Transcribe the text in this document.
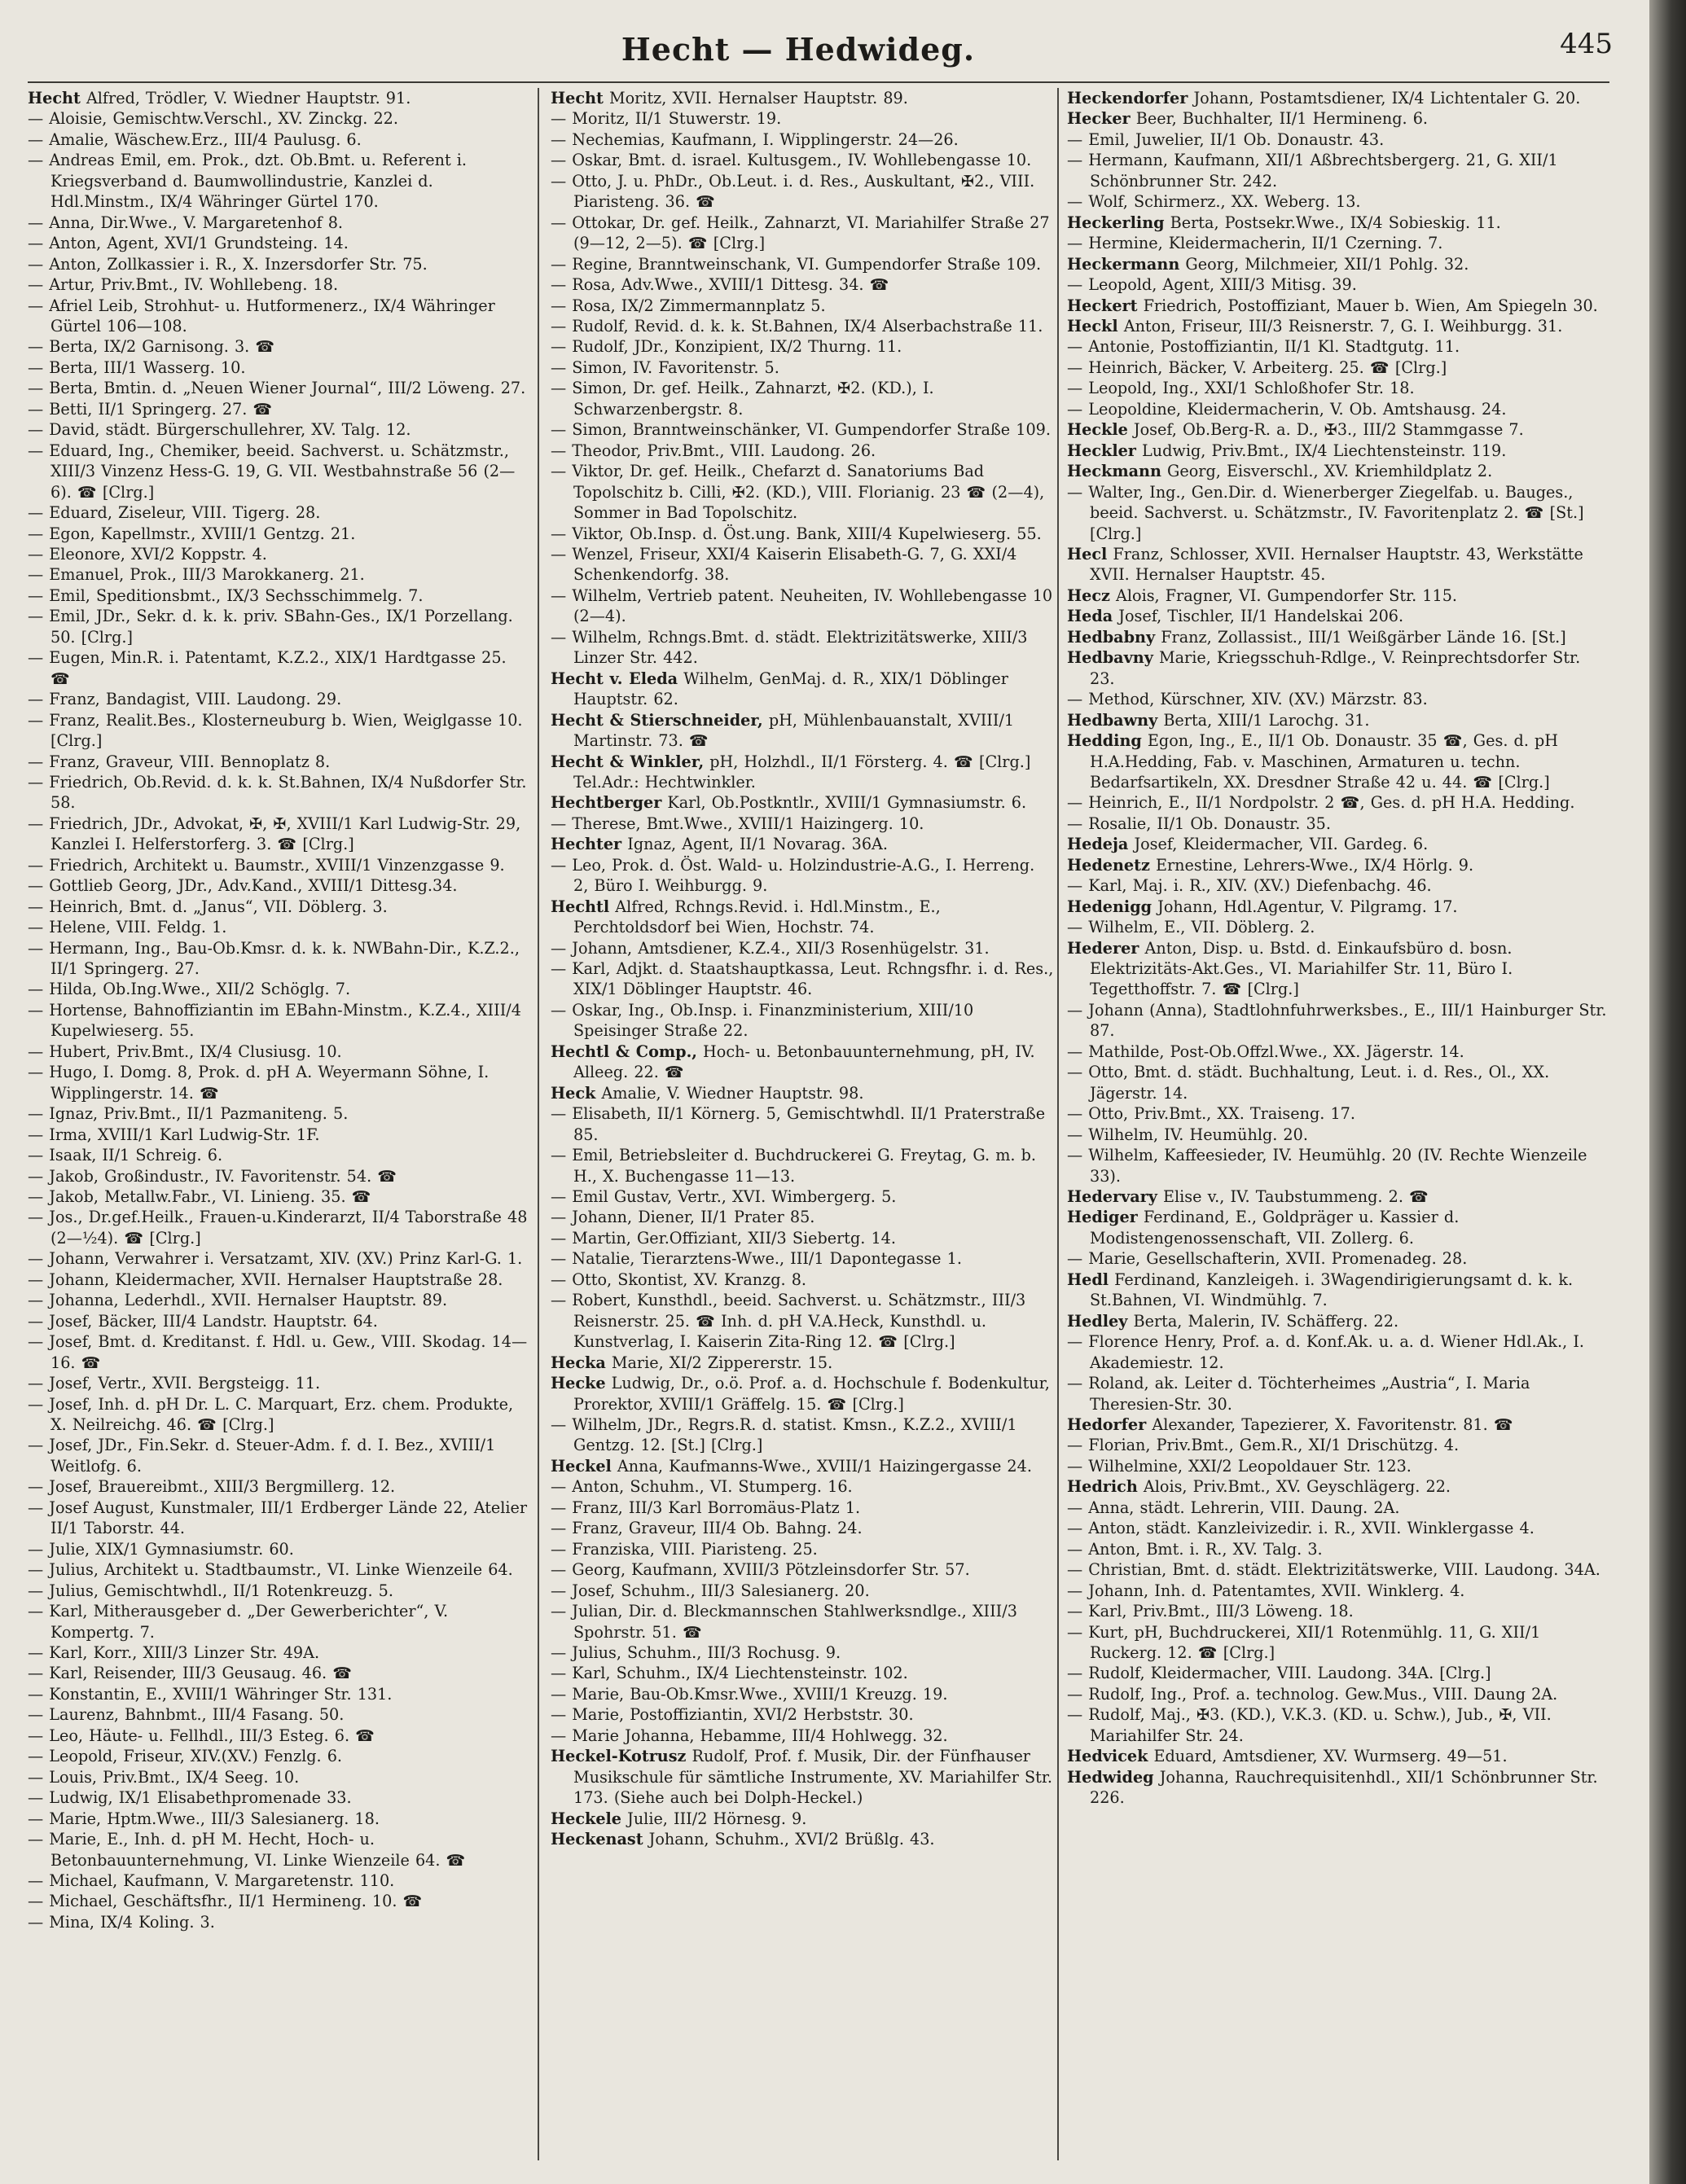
Hecht — Hedwideg.	445

Hecht Alfred, Trödler, V. Wiedner Hauptstr. 91.

— Aloisie, Gemischtw.Verschl., XV. Zinckg. 22.

— Amalie, Wäschew.Erz., III/4 Paulusg. 6.

— Andreas Emil, em. Prok., dzt. Ob.Bmt. u. Referent i. Kriegsverband d. Baumwollindustrie, Kanzlei d. Hdl.Minstm., IX/4 Währinger Gürtel 170.

— Anna, Dir.Wwe., V. Margaretenhof 8.

— Anton, Agent, XVI/1 Grundsteing. 14.

— Anton, Zollkassier i. R., X. Inzersdorfer Str. 75.

— Artur, Priv.Bmt., IV. Wohllebeng. 18.

— Afriel Leib, Strohhut- u. Hutformenerz., IX/4 Währinger Gürtel 106—108.

— Berta, IX/2 Garnisong. 3. ☎

— Berta, III/1 Wasserg. 10.

— Berta, Bmtin. d. „Neuen Wiener Journal“, III/2 Löweng. 27.

— Betti, II/1 Springerg. 27. ☎

— David, städt. Bürgerschullehrer, XV. Talg. 12.

— Eduard, Ing., Chemiker, beeid. Sachverst. u. Schätzmstr., XIII/3 Vinzenz Hess-G. 19, G. VII. Westbahnstraße 56 (2—6). ☎ [Clrg.]

— Eduard, Ziseleur, VIII. Tigerg. 28.

— Egon, Kapellmstr., XVIII/1 Gentzg. 21.

— Eleonore, XVI/2 Koppstr. 4.

— Emanuel, Prok., III/3 Marokkanerg. 21.

— Emil, Speditionsbmt., IX/3 Sechsschimmelg. 7.

— Emil, JDr., Sekr. d. k. k. priv. SBahn-Ges., IX/1 Porzellang. 50. [Clrg.]

— Eugen, Min.R. i. Patentamt, K.Z.2., XIX/1 Hardtgasse 25. ☎

— Franz, Bandagist, VIII. Laudong. 29.

— Franz, Realit.Bes., Klosterneuburg b. Wien, Weiglgasse 10. [Clrg.]

— Franz, Graveur, VIII. Bennoplatz 8.

— Friedrich, Ob.Revid. d. k. k. St.Bahnen, IX/4 Nußdorfer Str. 58.

— Friedrich, JDr., Advokat, ✠, ✠, XVIII/1 Karl Ludwig-Str. 29, Kanzlei I. Helferstorferg. 3. ☎ [Clrg.]

— Friedrich, Architekt u. Baumstr., XVIII/1 Vinzenzgasse 9.

— Gottlieb Georg, JDr., Adv.Kand., XVIII/1 Dittesg.34.

— Heinrich, Bmt. d. „Janus“, VII. Döblerg. 3.

— Helene, VIII. Feldg. 1.

— Hermann, Ing., Bau-Ob.Kmsr. d. k. k. NWBahn-Dir., K.Z.2., II/1 Springerg. 27.

— Hilda, Ob.Ing.Wwe., XII/2 Schöglg. 7.

— Hortense, Bahnoffiziantin im EBahn-Minstm., K.Z.4., XIII/4 Kupelwieserg. 55.

— Hubert, Priv.Bmt., IX/4 Clusiusg. 10.

— Hugo, I. Domg. 8, Prok. d. pH A. Weyermann Söhne, I. Wipplingerstr. 14. ☎

— Ignaz, Priv.Bmt., II/1 Pazmaniteng. 5.

— Irma, XVIII/1 Karl Ludwig-Str. 1F.

— Isaak, II/1 Schreig. 6.

— Jakob, Großindustr., IV. Favoritenstr. 54. ☎

— Jakob, Metallw.Fabr., VI. Linieng. 35. ☎

— Jos., Dr.gef.Heilk., Frauen-u.Kinderarzt, II/4 Taborstraße 48 (2—½4). ☎ [Clrg.]

— Johann, Verwahrer i. Versatzamt, XIV. (XV.) Prinz Karl-G. 1.

— Johann, Kleidermacher, XVII. Hernalser Hauptstraße 28.

— Johanna, Lederhdl., XVII. Hernalser Hauptstr. 89.

— Josef, Bäcker, III/4 Landstr. Hauptstr. 64.

— Josef, Bmt. d. Kreditanst. f. Hdl. u. Gew., VIII. Skodag. 14—16. ☎

— Josef, Vertr., XVII. Bergsteigg. 11.

— Josef, Inh. d. pH Dr. L. C. Marquart, Erz. chem. Produkte, X. Neilreichg. 46. ☎ [Clrg.]

— Josef, JDr., Fin.Sekr. d. Steuer-Adm. f. d. I. Bez., XVIII/1 Weitlofg. 6.

— Josef, Brauereibmt., XIII/3 Bergmillerg. 12.

— Josef August, Kunstmaler, III/1 Erdberger Lände 22, Atelier II/1 Taborstr. 44.

— Julie, XIX/1 Gymnasiumstr. 60.

— Julius, Architekt u. Stadtbaumstr., VI. Linke Wienzeile 64.

— Julius, Gemischtwhdl., II/1 Rotenkreuzg. 5.

— Karl, Mitherausgeber d. „Der Gewerberichter“, V. Kompertg. 7.

— Karl, Korr., XIII/3 Linzer Str. 49A.

— Karl, Reisender, III/3 Geusaug. 46. ☎

— Konstantin, E., XVIII/1 Währinger Str. 131.

— Laurenz, Bahnbmt., III/4 Fasang. 50.

— Leo, Häute- u. Fellhdl., III/3 Esteg. 6. ☎

— Leopold, Friseur, XIV.(XV.) Fenzlg. 6.

— Louis, Priv.Bmt., IX/4 Seeg. 10.

— Ludwig, IX/1 Elisabethpromenade 33.

— Marie, Hptm.Wwe., III/3 Salesianerg. 18.

— Marie, E., Inh. d. pH M. Hecht, Hoch- u. Betonbauunternehmung, VI. Linke Wienzeile 64. ☎

— Michael, Kaufmann, V. Margaretenstr. 110.

— Michael, Geschäftsfhr., II/1 Hermineng. 10. ☎

— Mina, IX/4 Koling. 3.

Hecht Moritz, XVII. Hernalser Hauptstr. 89.

— Moritz, II/1 Stuwerstr. 19.

— Nechemias, Kaufmann, I. Wipplingerstr. 24—26.

— Oskar, Bmt. d. israel. Kultusgem., IV. Wohllebengasse 10.

— Otto, J. u. PhDr., Ob.Leut. i. d. Res., Auskultant, ✠2., VIII. Piaristeng. 36. ☎

— Ottokar, Dr. gef. Heilk., Zahnarzt, VI. Mariahilfer Straße 27 (9—12, 2—5). ☎ [Clrg.]

— Regine, Branntweinschank, VI. Gumpendorfer Straße 109.

— Rosa, Adv.Wwe., XVIII/1 Dittesg. 34. ☎

— Rosa, IX/2 Zimmermannplatz 5.

— Rudolf, Revid. d. k. k. St.Bahnen, IX/4 Alserbachstraße 11.

— Rudolf, JDr., Konzipient, IX/2 Thurng. 11.

— Simon, IV. Favoritenstr. 5.

— Simon, Dr. gef. Heilk., Zahnarzt, ✠2. (KD.), I. Schwarzenbergstr. 8.

— Simon, Branntweinschänker, VI. Gumpendorfer Straße 109.

— Theodor, Priv.Bmt., VIII. Laudong. 26.

— Viktor, Dr. gef. Heilk., Chefarzt d. Sanatoriums Bad Topolschitz b. Cilli, ✠2. (KD.), VIII. Florianig. 23 ☎ (2—4), Sommer in Bad Topolschitz.

— Viktor, Ob.Insp. d. Öst.ung. Bank, XIII/4 Kupelwieserg. 55.

— Wenzel, Friseur, XXI/4 Kaiserin Elisabeth-G. 7, G. XXI/4 Schenkendorfg. 38.

— Wilhelm, Vertrieb patent. Neuheiten, IV. Wohllebengasse 10 (2—4).

— Wilhelm, Rchngs.Bmt. d. städt. Elektrizitätswerke, XIII/3 Linzer Str. 442.

Hecht v. Eleda Wilhelm, GenMaj. d. R., XIX/1 Döblinger Hauptstr. 62.

Hecht & Stierschneider, pH, Mühlenbauanstalt, XVIII/1 Martinstr. 73. ☎

Hecht & Winkler, pH, Holzhdl., II/1 Försterg. 4. ☎ [Clrg.] Tel.Adr.: Hechtwinkler.

Hechtberger Karl, Ob.Postkntlr., XVIII/1 Gymnasiumstr. 6.

— Therese, Bmt.Wwe., XVIII/1 Haizingerg. 10.

Hechter Ignaz, Agent, II/1 Novarag. 36A.

— Leo, Prok. d. Öst. Wald- u. Holzindustrie-A.G., I. Herreng. 2, Büro I. Weihburgg. 9.

Hechtl Alfred, Rchngs.Revid. i. Hdl.Minstm., E., Perchtoldsdorf bei Wien, Hochstr. 74.

— Johann, Amtsdiener, K.Z.4., XII/3 Rosenhügelstr. 31.

— Karl, Adjkt. d. Staatshauptkassa, Leut. Rchngsfhr. i. d. Res., XIX/1 Döblinger Hauptstr. 46.

— Oskar, Ing., Ob.Insp. i. Finanzministerium, XIII/10 Speisinger Straße 22.

Hechtl & Comp., Hoch- u. Betonbauunternehmung, pH, IV. Alleeg. 22. ☎

Heck Amalie, V. Wiedner Hauptstr. 98.

— Elisabeth, II/1 Körnerg. 5, Gemischtwhdl. II/1 Praterstraße 85.

— Emil, Betriebsleiter d. Buchdruckerei G. Freytag, G. m. b. H., X. Buchengasse 11—13.

— Emil Gustav, Vertr., XVI. Wimbergerg. 5.

— Johann, Diener, II/1 Prater 85.

— Martin, Ger.Offiziant, XII/3 Siebertg. 14.

— Natalie, Tierarztens-Wwe., III/1 Dapontegasse 1.

— Otto, Skontist, XV. Kranzg. 8.

— Robert, Kunsthdl., beeid. Sachverst. u. Schätzmstr., III/3 Reisnerstr. 25. ☎ Inh. d. pH V.A.Heck, Kunsthdl. u. Kunstverlag, I. Kaiserin Zita-Ring 12. ☎ [Clrg.]

Hecka Marie, XI/2 Zippererstr. 15.

Hecke Ludwig, Dr., o.ö. Prof. a. d. Hochschule f. Bodenkultur, Prorektor, XVIII/1 Gräffelg. 15. ☎ [Clrg.]

— Wilhelm, JDr., Regrs.R. d. statist. Kmsn., K.Z.2., XVIII/1 Gentzg. 12. [St.] [Clrg.]

Heckel Anna, Kaufmanns-Wwe., XVIII/1 Haizingergasse 24.

— Anton, Schuhm., VI. Stumperg. 16.

— Franz, III/3 Karl Borromäus-Platz 1.

— Franz, Graveur, III/4 Ob. Bahng. 24.

— Franziska, VIII. Piaristeng. 25.

— Georg, Kaufmann, XVIII/3 Pötzleinsdorfer Str. 57.

— Josef, Schuhm., III/3 Salesianerg. 20.

— Julian, Dir. d. Bleckmannschen Stahlwerksndlge., XIII/3 Spohrstr. 51. ☎

— Julius, Schuhm., III/3 Rochusg. 9.

— Karl, Schuhm., IX/4 Liechtensteinstr. 102.

— Marie, Bau-Ob.Kmsr.Wwe., XVIII/1 Kreuzg. 19.

— Marie, Postoffiziantin, XVI/2 Herbststr. 30.

— Marie Johanna, Hebamme, III/4 Hohlwegg. 32.

Heckel-Kotrusz Rudolf, Prof. f. Musik, Dir. der Fünfhauser Musikschule für sämtliche Instrumente, XV. Mariahilfer Str. 173. (Siehe auch bei Dolph-Heckel.)

Heckele Julie, III/2 Hörnesg. 9.

Heckenast Johann, Schuhm., XVI/2 Brüßlg. 43.

Heckendorfer Johann, Postamtsdiener, IX/4 Lichtentaler G. 20.

Hecker Beer, Buchhalter, II/1 Hermineng. 6.

— Emil, Juwelier, II/1 Ob. Donaustr. 43.

— Hermann, Kaufmann, XII/1 Aßbrechtsbergerg. 21, G. XII/1 Schönbrunner Str. 242.

— Wolf, Schirmerz., XX. Weberg. 13.

Heckerling Berta, Postsekr.Wwe., IX/4 Sobieskig. 11.

— Hermine, Kleidermacherin, II/1 Czerning. 7.

Heckermann Georg, Milchmeier, XII/1 Pohlg. 32.

— Leopold, Agent, XIII/3 Mitisg. 39.

Heckert Friedrich, Postoffiziant, Mauer b. Wien, Am Spiegeln 30.

Heckl Anton, Friseur, III/3 Reisnerstr. 7, G. I. Weihburgg. 31.

— Antonie, Postoffiziantin, II/1 Kl. Stadtgutg. 11.

— Heinrich, Bäcker, V. Arbeiterg. 25. ☎ [Clrg.]

— Leopold, Ing., XXI/1 Schloßhofer Str. 18.

— Leopoldine, Kleidermacherin, V. Ob. Amtshausg. 24.

Heckle Josef, Ob.Berg-R. a. D., ✠3., III/2 Stammgasse 7.

Heckler Ludwig, Priv.Bmt., IX/4 Liechtensteinstr. 119.

Heckmann Georg, Eisverschl., XV. Kriemhildplatz 2.

— Walter, Ing., Gen.Dir. d. Wienerberger Ziegelfab. u. Bauges., beeid. Sachverst. u. Schätzmstr., IV. Favoritenplatz 2. ☎ [St.] [Clrg.]

Hecl Franz, Schlosser, XVII. Hernalser Hauptstr. 43, Werkstätte XVII. Hernalser Hauptstr. 45.

Hecz Alois, Fragner, VI. Gumpendorfer Str. 115.

Heda Josef, Tischler, II/1 Handelskai 206.

Hedbabny Franz, Zollassist., III/1 Weißgärber Lände 16. [St.]

Hedbavny Marie, Kriegsschuh-Rdlge., V. Reinprechtsdorfer Str. 23.

— Method, Kürschner, XIV. (XV.) Märzstr. 83.

Hedbawny Berta, XIII/1 Larochg. 31.

Hedding Egon, Ing., E., II/1 Ob. Donaustr. 35 ☎, Ges. d. pH H.A.Hedding, Fab. v. Maschinen, Armaturen u. techn. Bedarfsartikeln, XX. Dresdner Straße 42 u. 44. ☎ [Clrg.]

— Heinrich, E., II/1 Nordpolstr. 2 ☎, Ges. d. pH H.A. Hedding.

— Rosalie, II/1 Ob. Donaustr. 35.

Hedeja Josef, Kleidermacher, VII. Gardeg. 6.

Hedenetz Ernestine, Lehrers-Wwe., IX/4 Hörlg. 9.

— Karl, Maj. i. R., XIV. (XV.) Diefenbachg. 46.

Hedenigg Johann, Hdl.Agentur, V. Pilgramg. 17.

— Wilhelm, E., VII. Döblerg. 2.

Hederer Anton, Disp. u. Bstd. d. Einkaufsbüro d. bosn. Elektrizitäts-Akt.Ges., VI. Mariahilfer Str. 11, Büro I. Tegetthoffstr. 7. ☎ [Clrg.]

— Johann (Anna), Stadtlohnfuhrwerksbes., E., III/1 Hainburger Str. 87.

— Mathilde, Post-Ob.Offzl.Wwe., XX. Jägerstr. 14.

— Otto, Bmt. d. städt. Buchhaltung, Leut. i. d. Res., Ol., XX. Jägerstr. 14.

— Otto, Priv.Bmt., XX. Traiseng. 17.

— Wilhelm, IV. Heumühlg. 20.

— Wilhelm, Kaffeesieder, IV. Heumühlg. 20 (IV. Rechte Wienzeile 33).

Hedervary Elise v., IV. Taubstummeng. 2. ☎

Hediger Ferdinand, E., Goldpräger u. Kassier d. Modistengenossenschaft, VII. Zollerg. 6.

— Marie, Gesellschafterin, XVII. Promenadeg. 28.

Hedl Ferdinand, Kanzleigeh. i. 3Wagendirigierungsamt d. k. k. St.Bahnen, VI. Windmühlg. 7.

Hedley Berta, Malerin, IV. Schäfferg. 22.

— Florence Henry, Prof. a. d. Konf.Ak. u. a. d. Wiener Hdl.Ak., I. Akademiestr. 12.

— Roland, ak. Leiter d. Töchterheimes „Austria“, I. Maria Theresien-Str. 30.

Hedorfer Alexander, Tapezierer, X. Favoritenstr. 81. ☎

— Florian, Priv.Bmt., Gem.R., XI/1 Drischützg. 4.

— Wilhelmine, XXI/2 Leopoldauer Str. 123.

Hedrich Alois, Priv.Bmt., XV. Geyschlägerg. 22.

— Anna, städt. Lehrerin, VIII. Daung. 2A.

— Anton, städt. Kanzleivizedir. i. R., XVII. Winklergasse 4.

— Anton, Bmt. i. R., XV. Talg. 3.

— Christian, Bmt. d. städt. Elektrizitätswerke, VIII. Laudong. 34A.

— Johann, Inh. d. Patentamtes, XVII. Winklerg. 4.

— Karl, Priv.Bmt., III/3 Löweng. 18.

— Kurt, pH, Buchdruckerei, XII/1 Rotenmühlg. 11, G. XII/1 Ruckerg. 12. ☎ [Clrg.]

— Rudolf, Kleidermacher, VIII. Laudong. 34A. [Clrg.]

— Rudolf, Ing., Prof. a. technolog. Gew.Mus., VIII. Daung 2A.

— Rudolf, Maj., ✠3. (KD.), V.K.3. (KD. u. Schw.), Jub., ✠, VII. Mariahilfer Str. 24.

Hedvicek Eduard, Amtsdiener, XV. Wurmserg. 49—51.

Hedwideg Johanna, Rauchrequisitenhdl., XII/1 Schönbrunner Str. 226.
